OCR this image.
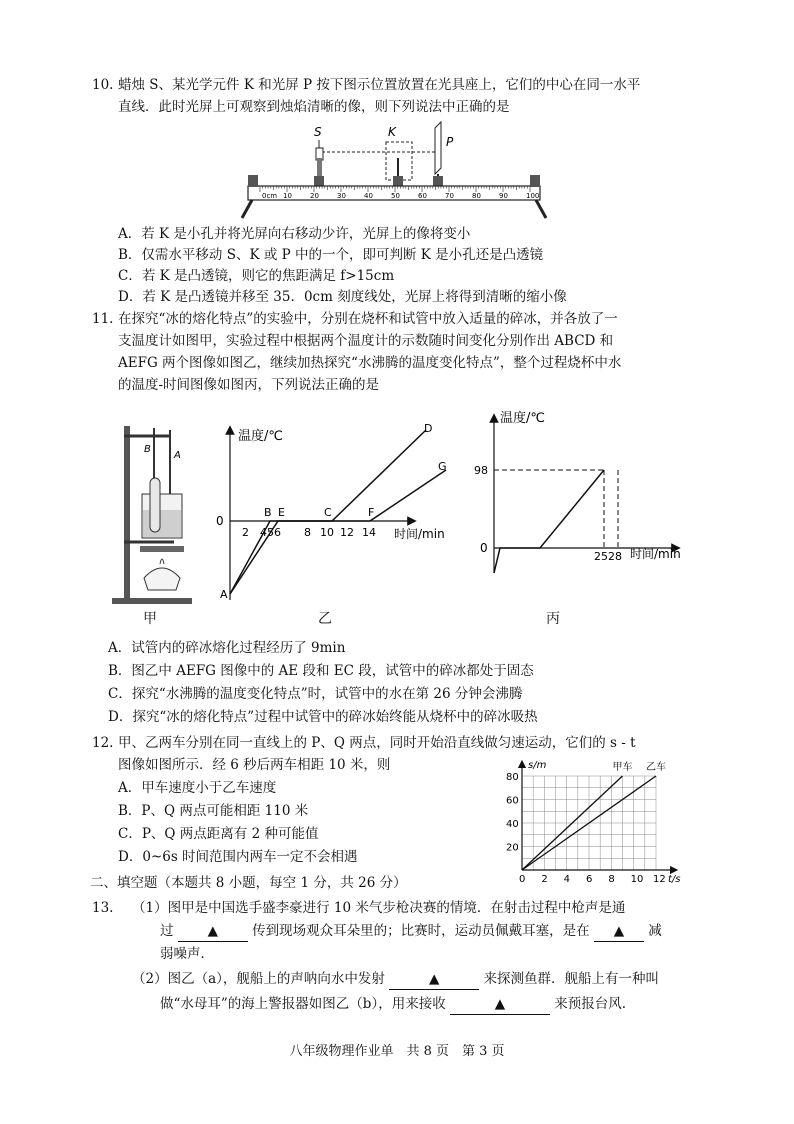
10. 蜡烛 S、某光学元件 K 和光屏 P 按下图示位置放置在光具座上，它们的中心在同一水平
直线．此时光屏上可观察到烛焰清晰的像，则下列说法中正确的是
S	K
P
0cm 10	20	30	40	50	60	70	80	90	100
A．若 K 是小孔并将光屏向右移动少许，光屏上的像将变小
B．仅需水平移动 S、K 或 P 中的一个，即可判断 K 是小孔还是凸透镜
C．若 K 是凸透镜，则它的焦距满足 f>15cm
D．若 K 是凸透镜并移至 35．0cm 刻度线处，光屏上将得到清晰的缩小像
11. 在探究“冰的熔化特点”的实验中，分别在烧杯和试管中放入适量的碎冰，并各放了一
支温度计如图甲，实验过程中根据两个温度计的示数随时间变化分别作出 ABCD 和
AEFG 两个图像如图乙，继续加热探究“水沸腾的温度变化特点”，整个过程烧杯中水
的温度-时间图像如图丙，下列说法正确的是
B
A
甲
温度/℃
时间/min
0
2 456 8 10 12 14
A
B E	C	F
D
G
乙
温度/℃
时间/min
0
98
2528
丙
A．试管内的碎冰熔化过程经历了 9min
B．图乙中 AEFG 图像中的 AE 段和 EC 段，试管中的碎冰都处于固态
C．探究“水沸腾的温度变化特点”时，试管中的水在第 26 分钟会沸腾
D．探究“冰的熔化特点”过程中试管中的碎冰始终能从烧杯中的碎冰吸热
12. 甲、乙两车分别在同一直线上的 P、Q 两点，同时开始沿直线做匀速运动，它们的 s - t
图像如图所示．经 6 秒后两车相距 10 米，则
A．甲车速度小于乙车速度
B．P、Q 两点可能相距 110 米
C．P、Q 两点距离有 2 种可能值
D．0~6s 时间范围内两车一定不会相遇
0 2 4 6 8 10 12
20
40
60
80
s/m
t/s
甲车 乙车
二、填空题（本题共 8 小题，每空 1 分，共 26 分）
13. （1）图甲是中国选手盛李豪进行 10 米气步枪决赛的情境．在射击过程中枪声是通
过	▲	传到现场观众耳朵里的；比赛时，运动员佩戴耳塞，是在 ▲ 减
弱噪声．
（2）图乙（a），舰船上的声呐向水中发射	▲	来探测鱼群．舰船上有一种叫
做“水母耳”的海上警报器如图乙（b），用来接收	▲	来预报台风.
八年级物理作业单　共 8 页　第 3 页
